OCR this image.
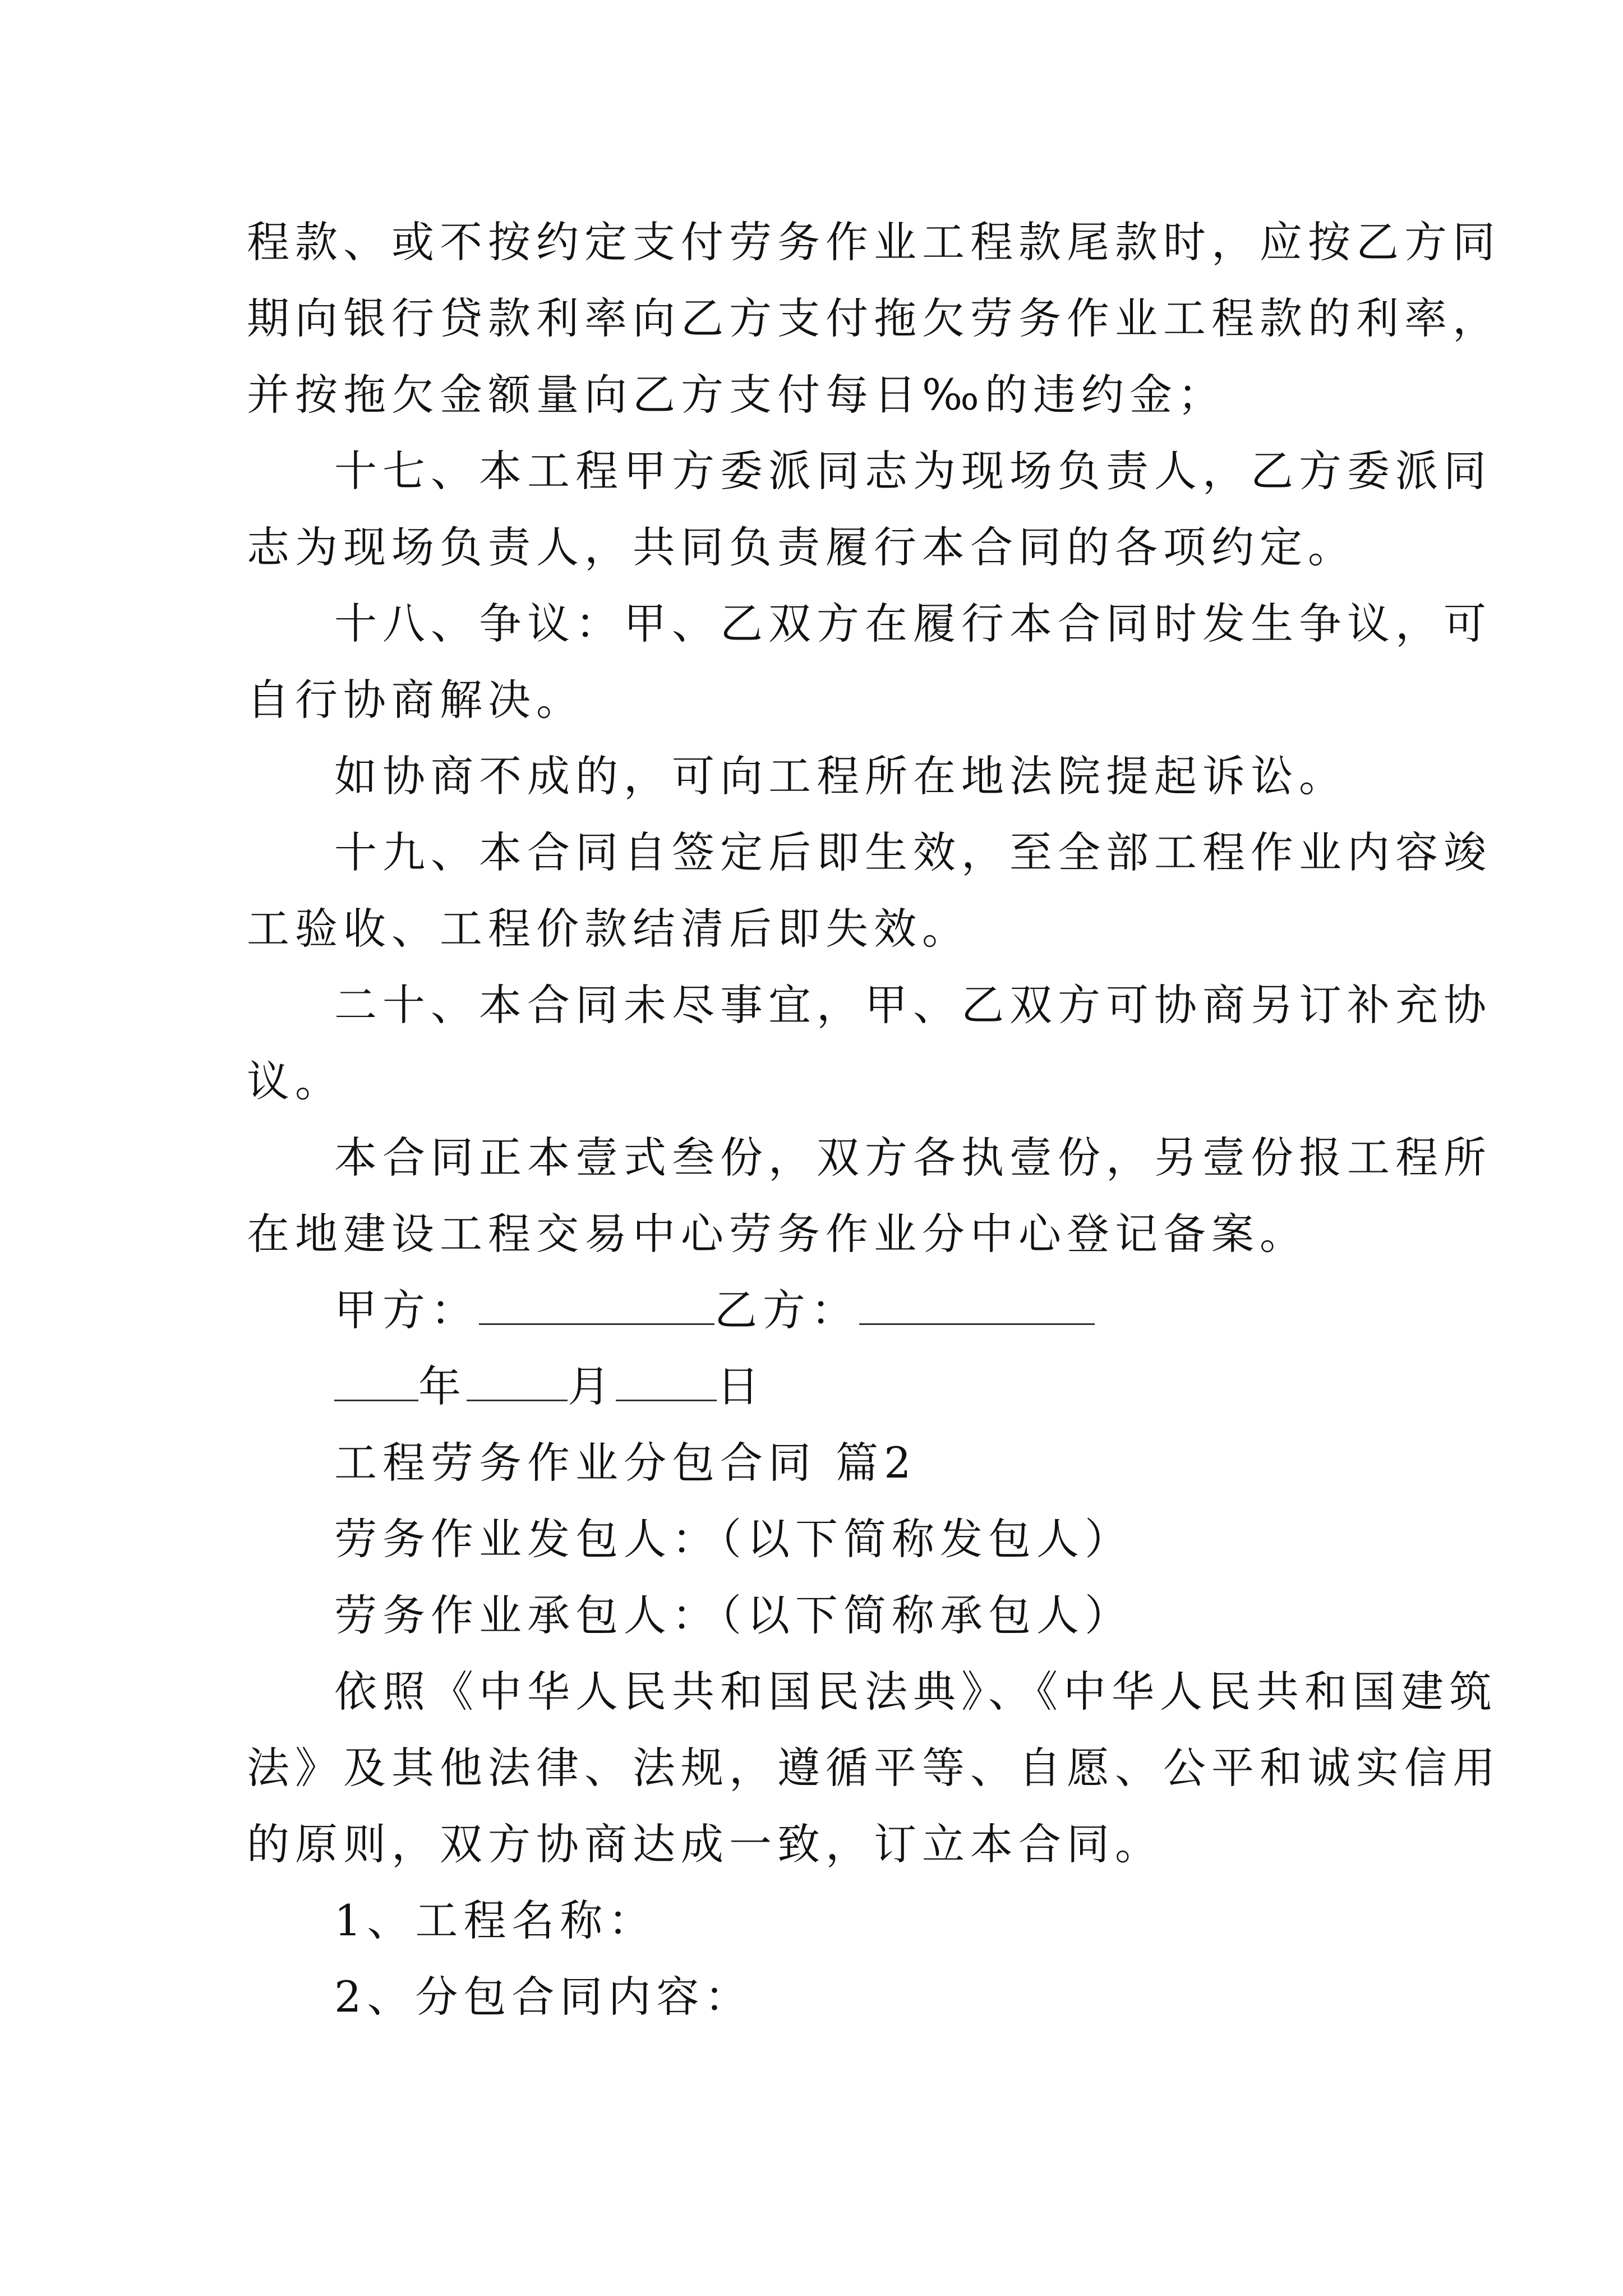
程款、或不按约定支付劳务作业工程款尾款时，应按乙方同
期向银行贷款利率向乙方支付拖欠劳务作业工程款的利率，
并按拖欠金额量向乙方支付每日‰的违约金；
十七、本工程甲方委派同志为现场负责人，乙方委派同
志为现场负责人，共同负责履行本合同的各项约定。
十八、争议：甲、乙双方在履行本合同时发生争议，可
自行协商解决。
如协商不成的，可向工程所在地法院提起诉讼。
十九、本合同自签定后即生效，至全部工程作业内容竣
工验收、工程价款结清后即失效。
二十、本合同未尽事宜，甲、乙双方可协商另订补充协
议。
本合同正本壹式叁份，双方各执壹份，另壹份报工程所
在地建设工程交易中心劳务作业分中心登记备案。
甲方：	乙方：
年 月 日
工程劳务作业分包合同 篇2
劳务作业发包人：（以下简称发包人）
劳务作业承包人：（以下简称承包人）
依照《中华人民共和国民法典》、《中华人民共和国建筑
法》及其他法律、法规，遵循平等、自愿、公平和诚实信用
的原则，双方协商达成一致，订立本合同。
1、工程名称：
2、分包合同内容：
